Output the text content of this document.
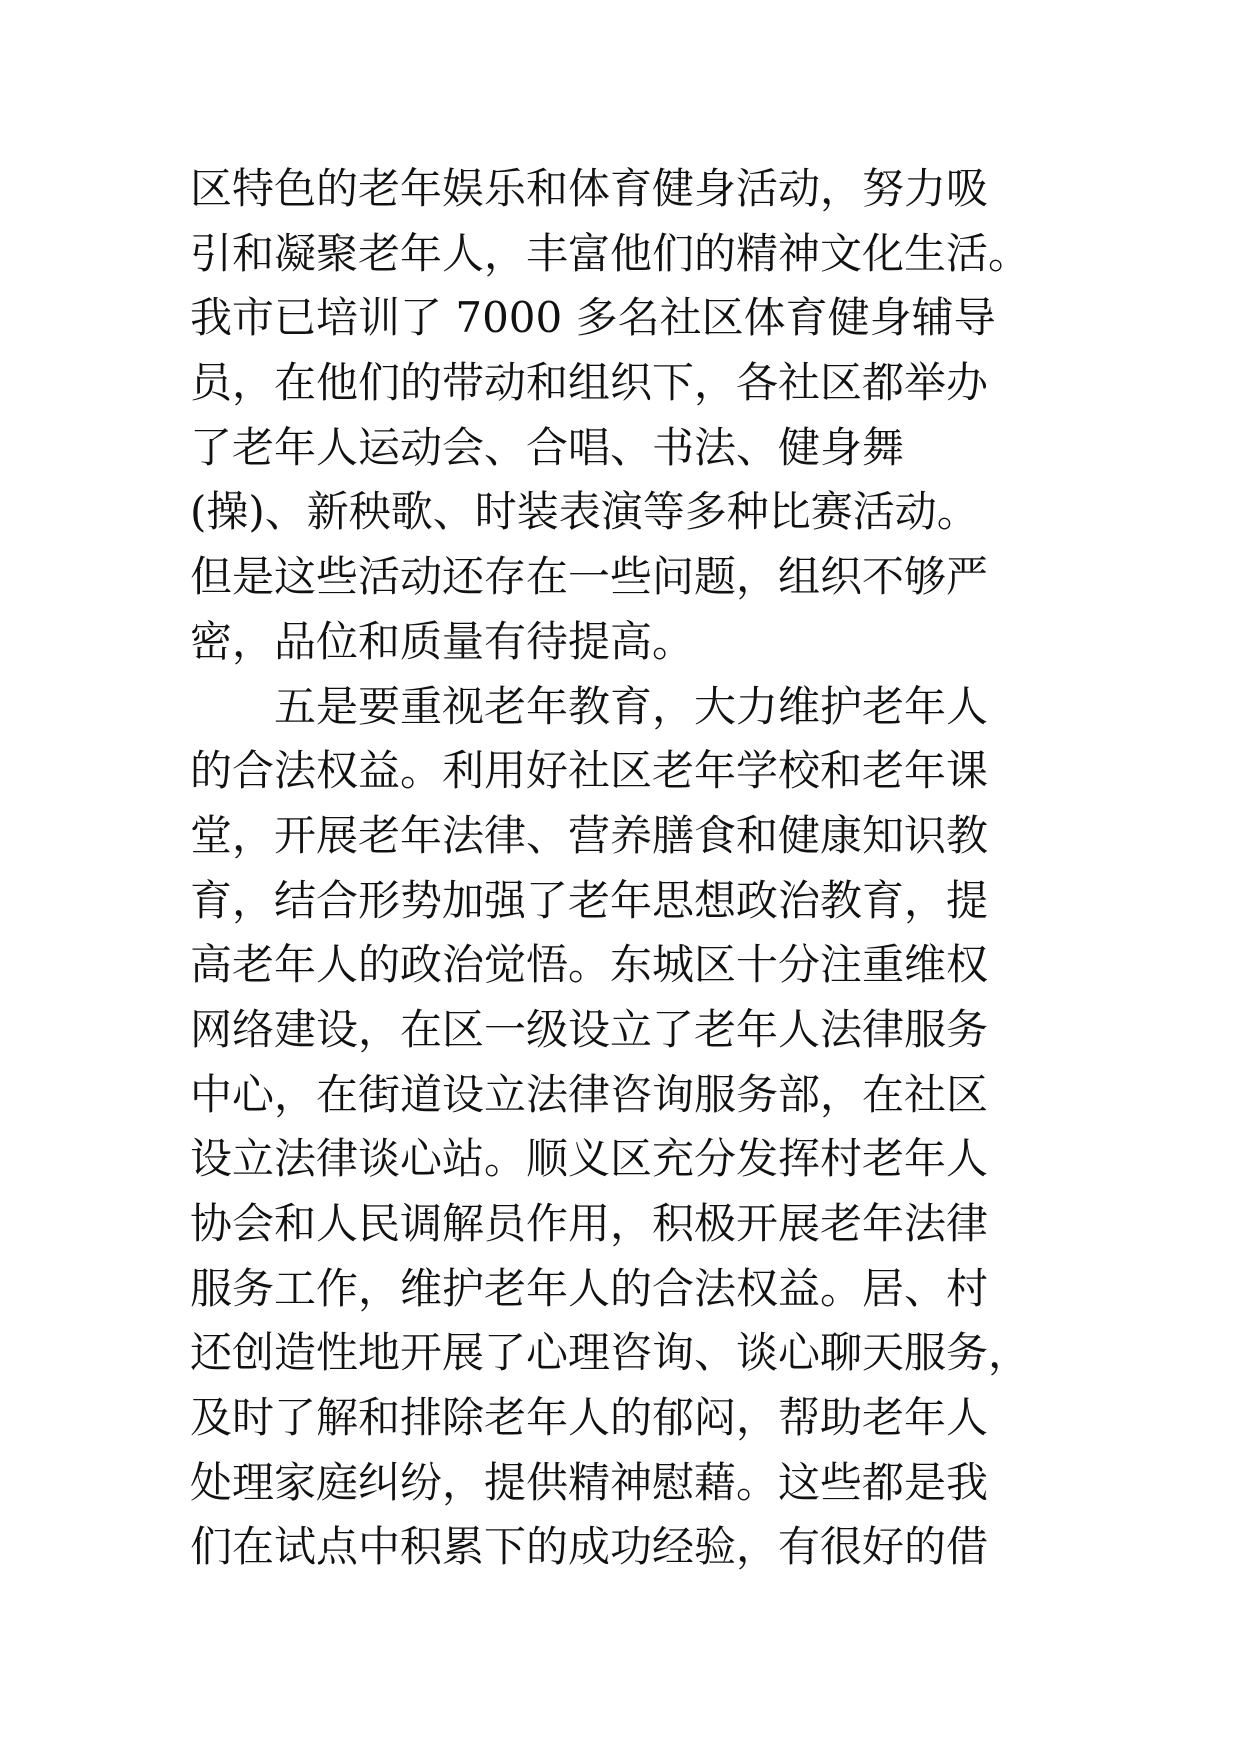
区特色的老年娱乐和体育健身活动，努力吸
引和凝聚老年人，丰富他们的精神文化生活。
我市已培训了 7000 多名社区体育健身辅导
员，在他们的带动和组织下，各社区都举办
了老年人运动会、合唱、书法、健身舞
(操)、新秧歌、时装表演等多种比赛活动。
但是这些活动还存在一些问题，组织不够严
密，品位和质量有待提高。
　　五是要重视老年教育，大力维护老年人
的合法权益。利用好社区老年学校和老年课
堂，开展老年法律、营养膳食和健康知识教
育，结合形势加强了老年思想政治教育，提
高老年人的政治觉悟。东城区十分注重维权
网络建设，在区一级设立了老年人法律服务
中心，在街道设立法律咨询服务部，在社区
设立法律谈心站。顺义区充分发挥村老年人
协会和人民调解员作用，积极开展老年法律
服务工作，维护老年人的合法权益。居、村
还创造性地开展了心理咨询、谈心聊天服务，
及时了解和排除老年人的郁闷，帮助老年人
处理家庭纠纷，提供精神慰藉。这些都是我
们在试点中积累下的成功经验，有很好的借
